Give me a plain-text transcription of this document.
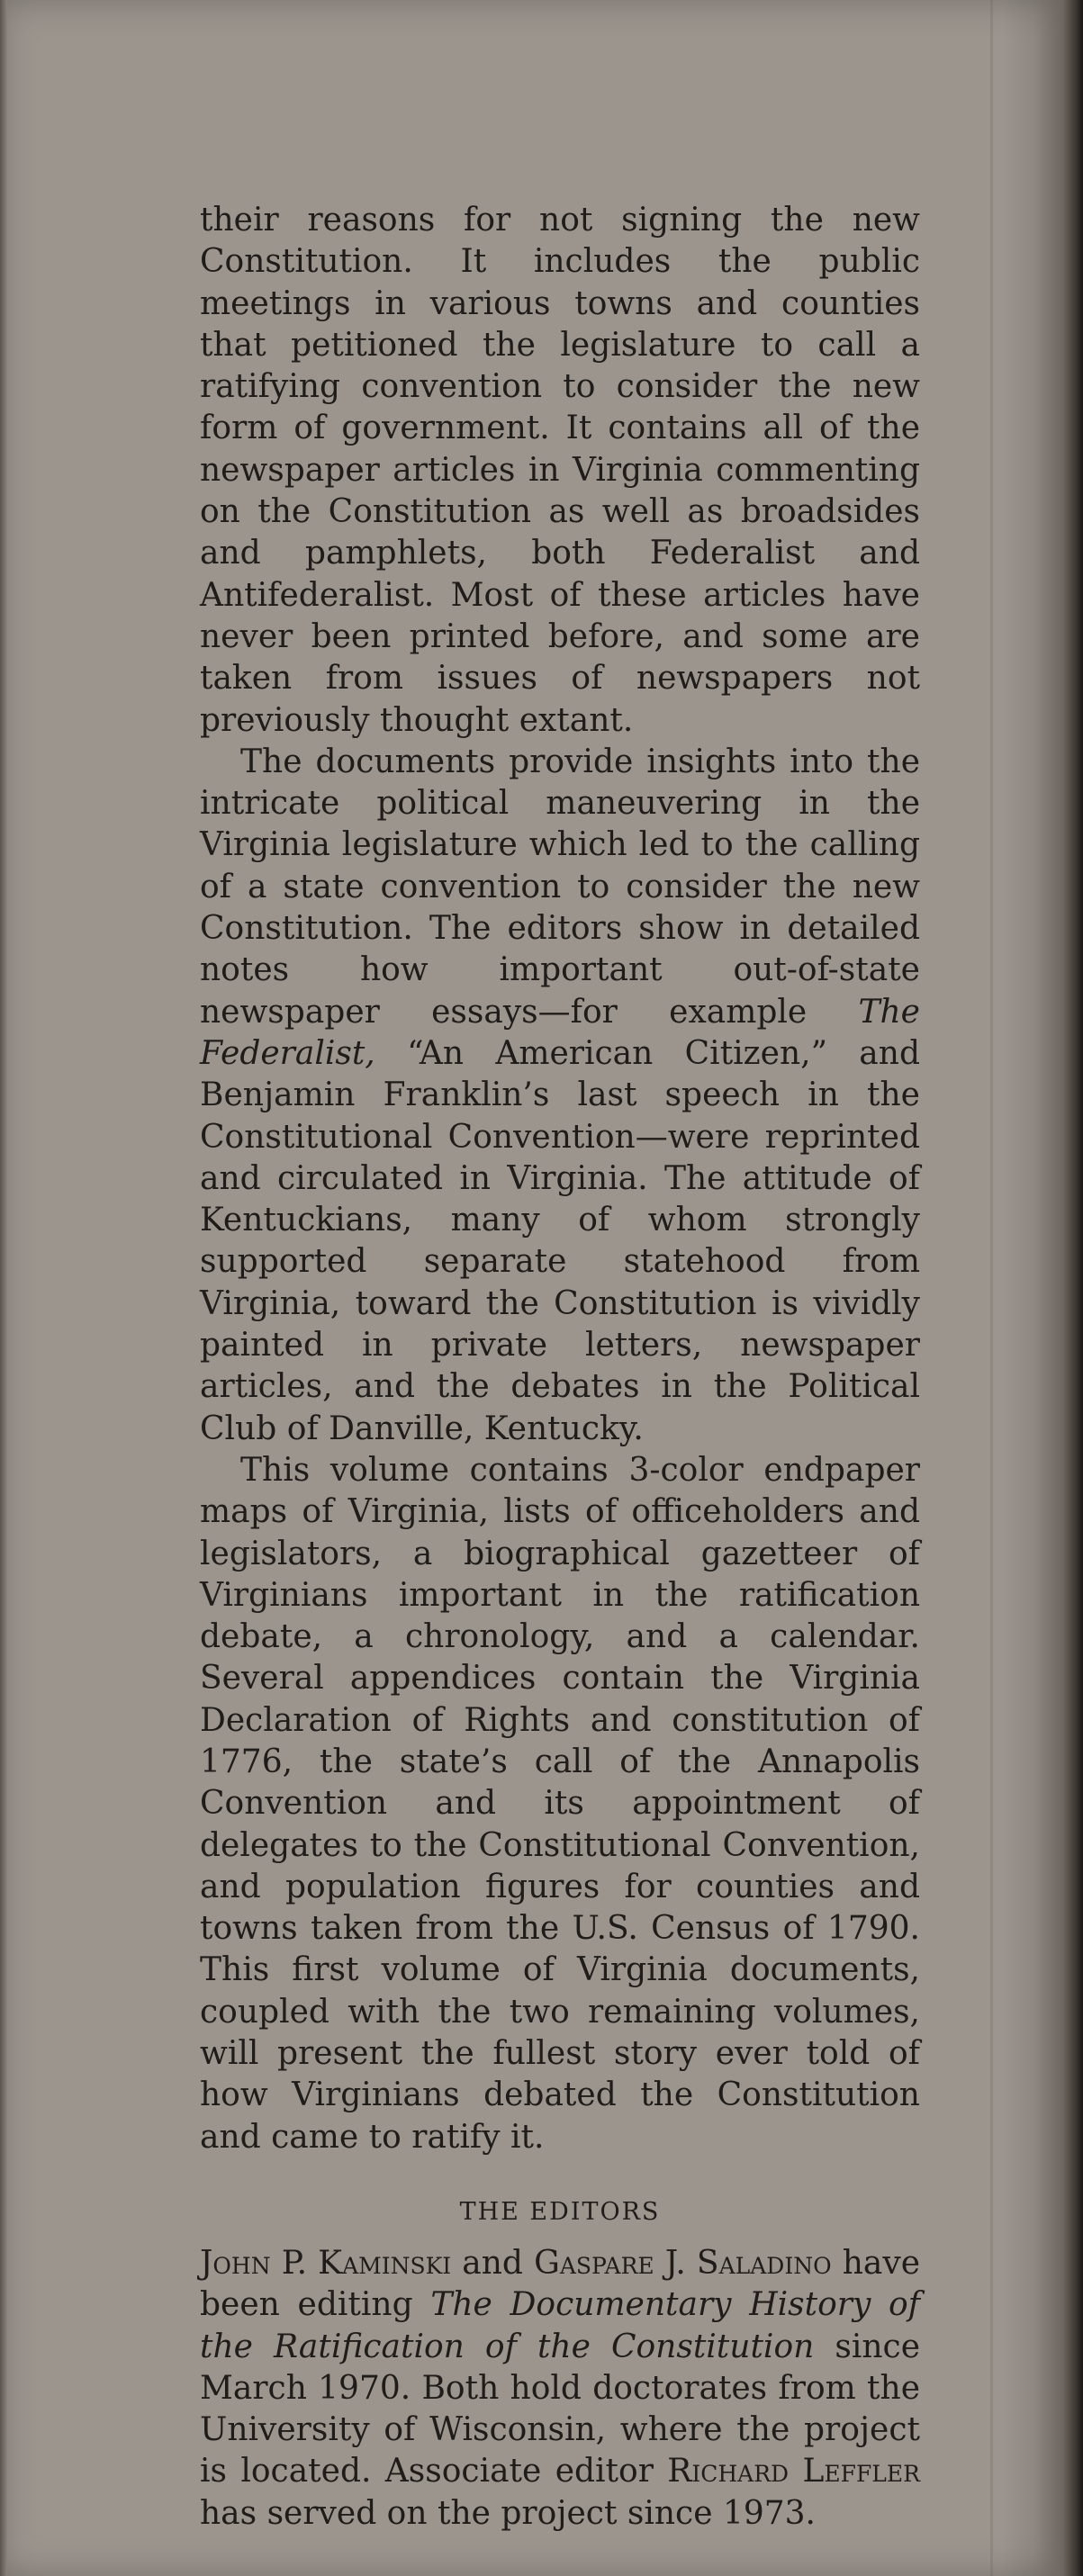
their reasons for not signing the new Constitution. It includes the public meetings in various towns and counties that petitioned the legislature to call a ratifying convention to consider the new form of government. It contains all of the newspaper articles in Virginia commenting on the Constitution as well as broadsides and pamphlets, both Federalist and Antifederalist. Most of these articles have never been printed before, and some are taken from issues of newspapers not previously thought extant.

The documents provide insights into the intricate political maneuvering in the Virginia legislature which led to the calling of a state convention to consider the new Constitution. The editors show in detailed notes how important out-of-state newspaper essays—for example The Federalist, “An American Citizen,” and Benjamin Franklin’s last speech in the Constitutional Convention—were reprinted and circulated in Virginia. The attitude of Kentuckians, many of whom strongly supported separate statehood from Virginia, toward the Constitution is vividly painted in private letters, newspaper articles, and the debates in the Political Club of Danville, Kentucky.

This volume contains 3-color endpaper maps of Virginia, lists of officeholders and legislators, a biographical gazetteer of Virginians important in the ratification debate, a chronology, and a calendar. Several appendices contain the Virginia Declaration of Rights and constitution of 1776, the state’s call of the Annapolis Convention and its appointment of delegates to the Constitutional Convention, and population figures for counties and towns taken from the U.S. Census of 1790. This first volume of Virginia documents, coupled with the two remaining volumes, will present the fullest story ever told of how Virginians debated the Constitution and came to ratify it.

THE EDITORS

John P. Kaminski and Gaspare J. Saladino have been editing The Documentary History of the Ratification of the Constitution since March 1970. Both hold doctorates from the University of Wisconsin, where the project is located. Associate editor Richard Leffler has served on the project since 1973.
